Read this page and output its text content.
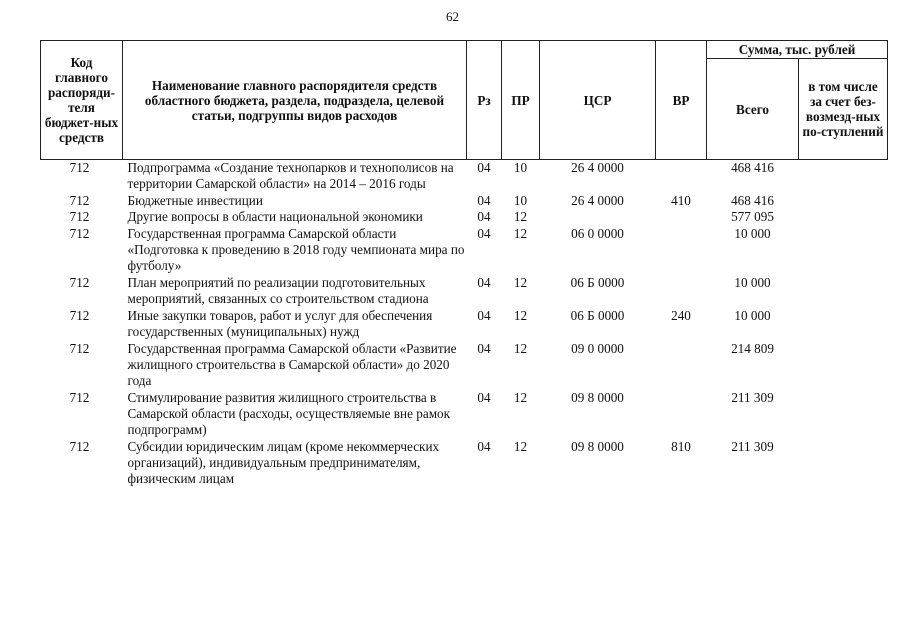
62
Код главного распоряди-теля бюджет-ных средств	Наименование главного распорядителя средств областного бюджета, раздела, подраздела, целевой статьи, подгруппы видов расходов	Рз	ПР	ЦСР	ВР	Сумма, тыс. рублей	
						Всего	в том числе за счет без-возмезд-ных по-ступлений
712	Подпрограмма «Создание технопарков и технополисов на территории Самарской области» на 2014 – 2016 годы	04	10	26 4 0000		468 416	
712	Бюджетные инвестиции	04	10	26 4 0000	410	468 416	
712	Другие вопросы в области национальной экономики	04	12			577 095	
712	Государственная программа Самарской области «Подготовка к проведению в 2018 году чемпионата мира по футболу»	04	12	06 0 0000		10 000	
712	План мероприятий по реализации подготовительных мероприятий, связанных со строительством стадиона	04	12	06 Б 0000		10 000	
712	Иные закупки товаров, работ и услуг для обеспечения государственных (муниципальных) нужд	04	12	06 Б 0000	240	10 000	
712	Государственная программа Самарской области «Развитие жилищного строительства в Самарской области» до 2020 года	04	12	09 0 0000		214 809	
712	Стимулирование развития жилищного строительства в Самарской области (расходы, осуществляемые вне рамок подпрограмм)	04	12	09 8 0000		211 309	
712	Субсидии юридическим лицам (кроме некоммерческих организаций), индивидуальным предпринимателям, физическим лицам	04	12	09 8 0000	810	211 309	
